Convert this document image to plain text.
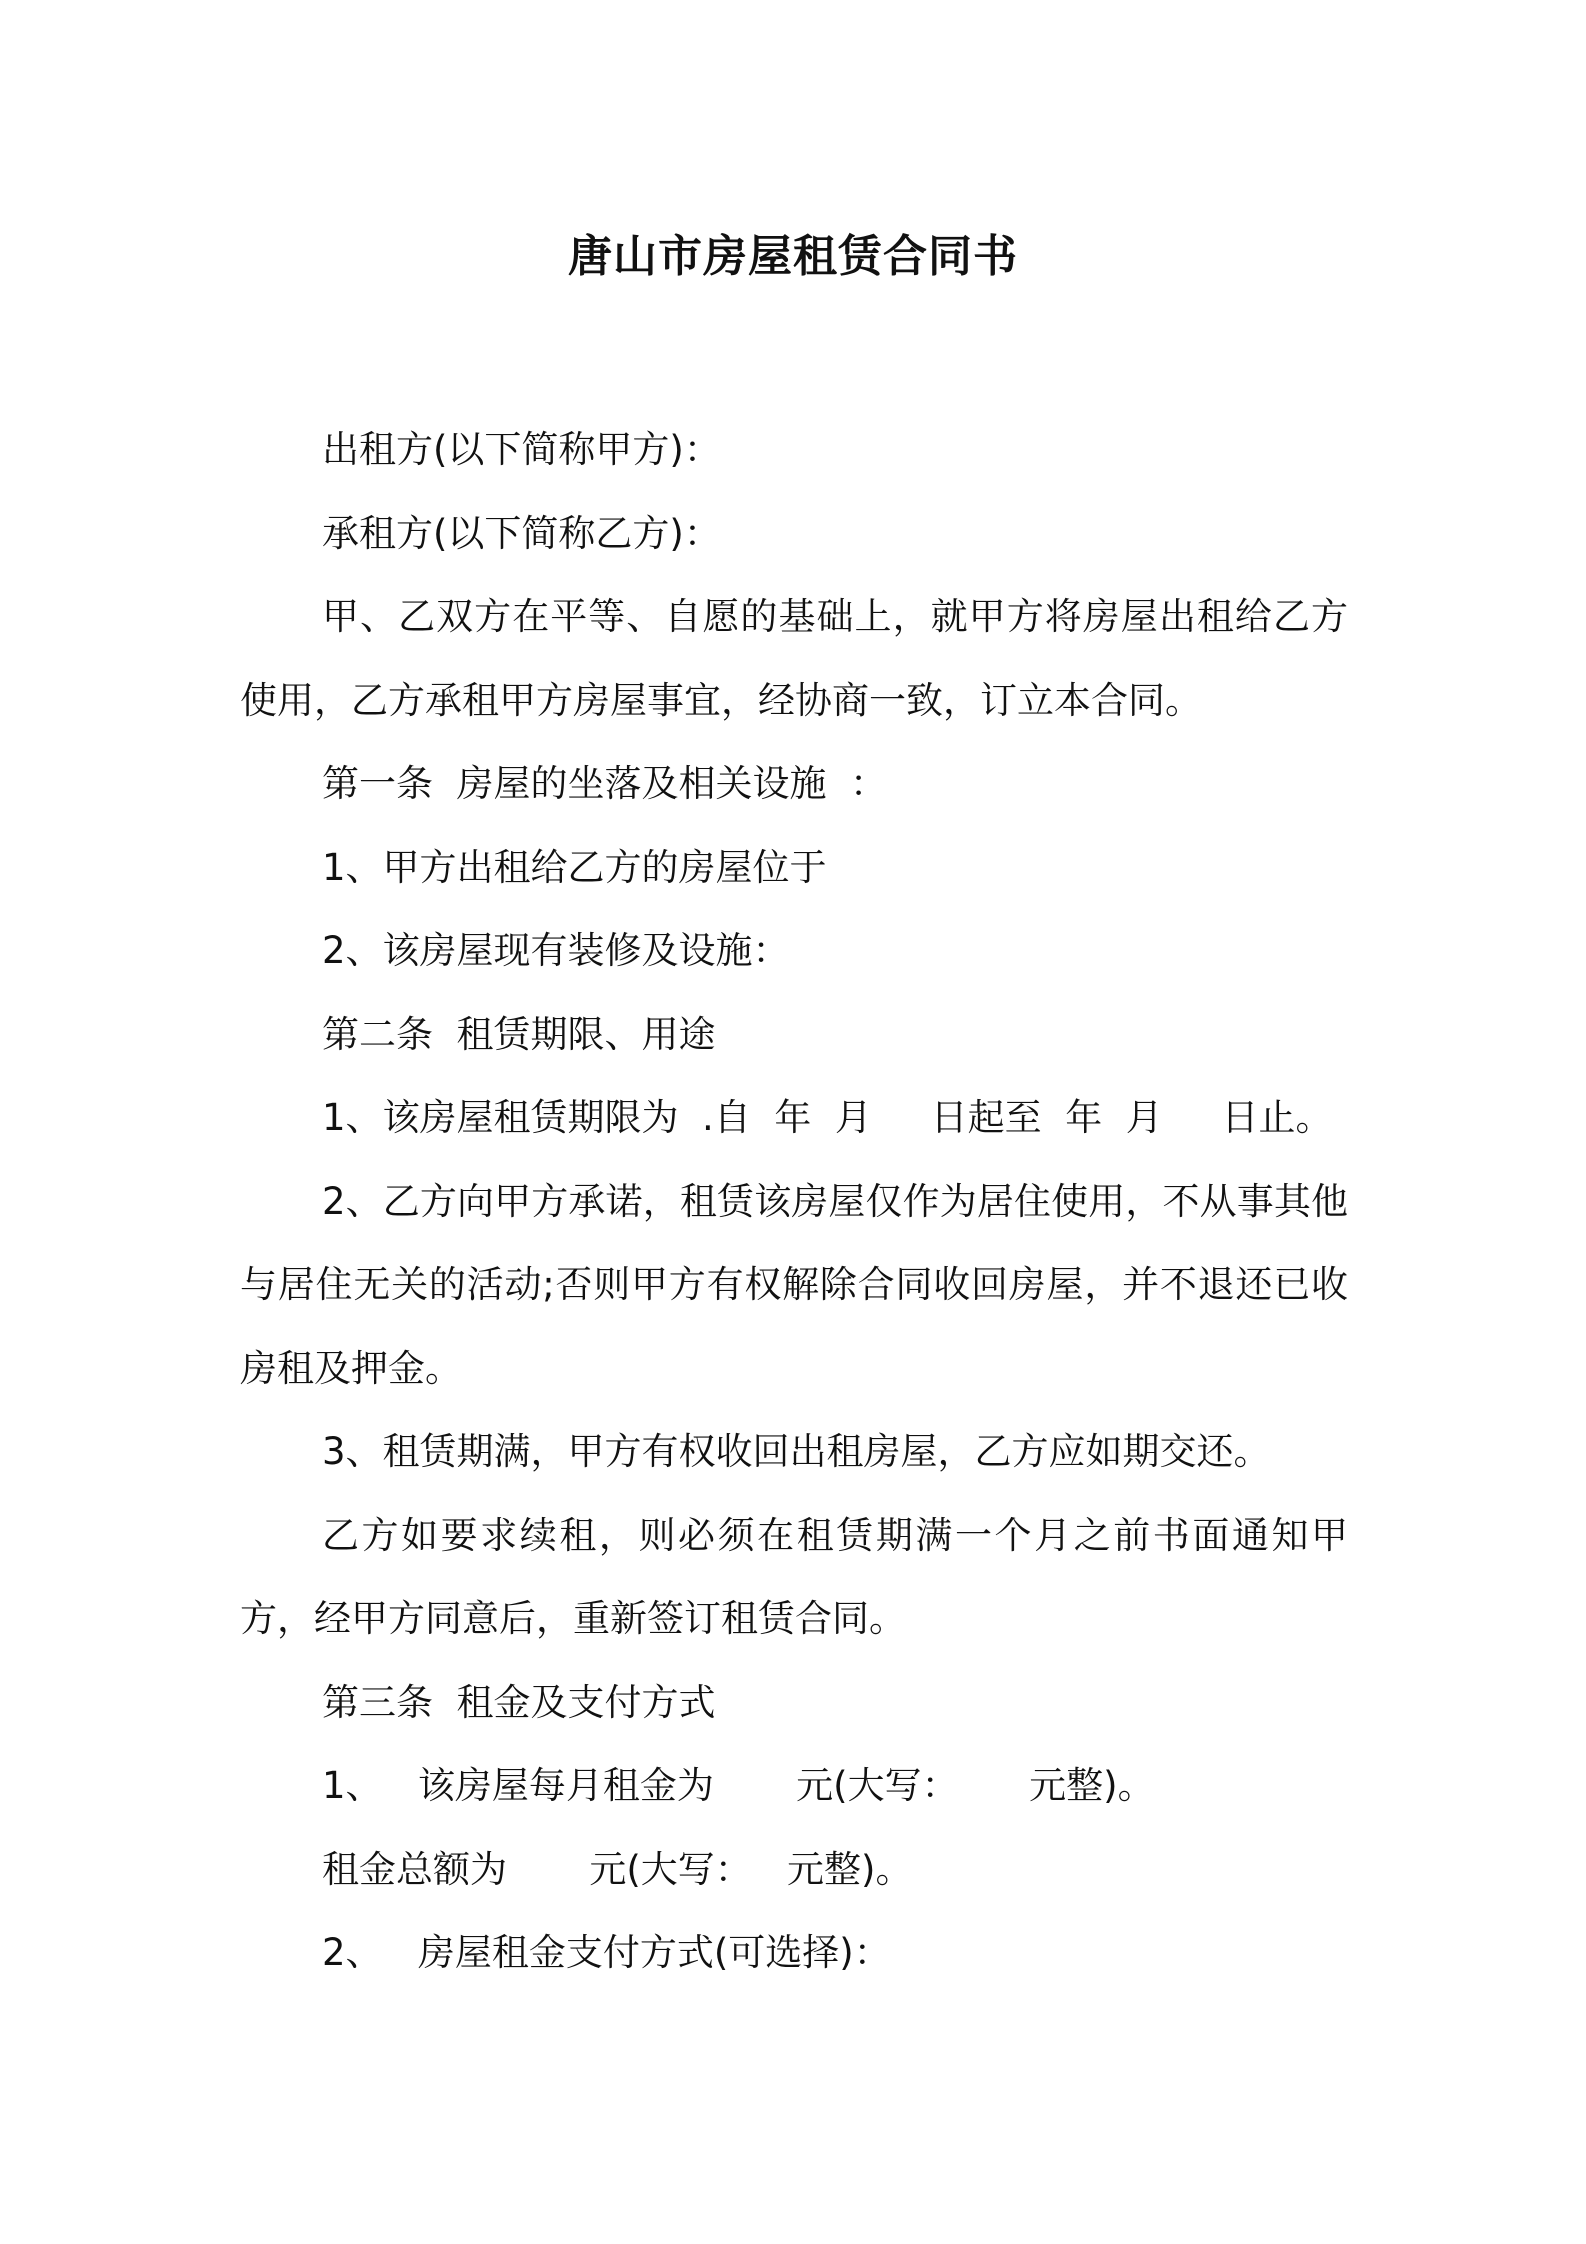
唐山市房屋租赁合同书

出租方(以下简称甲方)：

承租方(以下简称乙方)：

甲、乙双方在平等、自愿的基础上，就甲方将房屋出租给乙方使用，乙方承租甲方房屋事宜，经协商一致，订立本合同。

第一条  房屋的坐落及相关设施  ：

1、甲方出租给乙方的房屋位于

2、该房屋现有装修及设施：

第二条  租赁期限、用途

1、该房屋租赁期限为  .自  年  月     日起至  年  月     日止。

2、乙方向甲方承诺，租赁该房屋仅作为居住使用，不从事其他与居住无关的活动;否则甲方有权解除合同收回房屋，并不退还已收房租及押金。

3、租赁期满，甲方有权收回出租房屋，乙方应如期交还。

乙方如要求续租，则必须在租赁期满一个月之前书面通知甲方，经甲方同意后，重新签订租赁合同。

第三条  租金及支付方式

1、   该房屋每月租金为       元(大写：      元整)。

租金总额为       元(大写：   元整)。

2、   房屋租金支付方式(可选择)：
